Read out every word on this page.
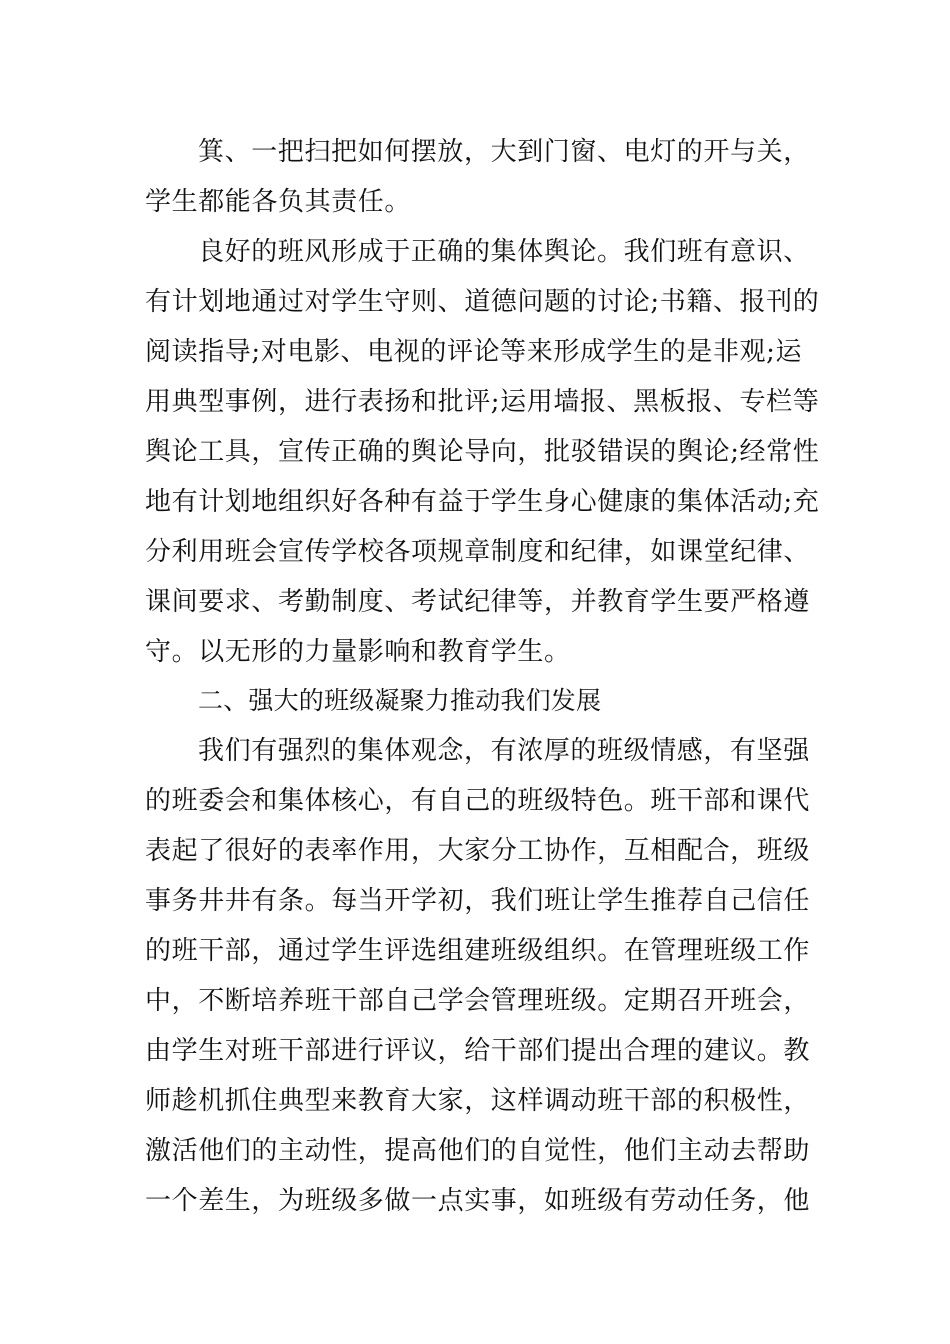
箕、一把扫把如何摆放，大到门窗、电灯的开与关，
学生都能各负其责任。
良好的班风形成于正确的集体舆论。我们班有意识、
有计划地通过对学生守则、道德问题的讨论;书籍、报刊的
阅读指导;对电影、电视的评论等来形成学生的是非观;运
用典型事例，进行表扬和批评;运用墙报、黑板报、专栏等
舆论工具，宣传正确的舆论导向，批驳错误的舆论;经常性
地有计划地组织好各种有益于学生身心健康的集体活动;充
分利用班会宣传学校各项规章制度和纪律，如课堂纪律、
课间要求、考勤制度、考试纪律等，并教育学生要严格遵
守。以无形的力量影响和教育学生。
二、强大的班级凝聚力推动我们发展
我们有强烈的集体观念，有浓厚的班级情感，有坚强
的班委会和集体核心，有自己的班级特色。班干部和课代
表起了很好的表率作用，大家分工协作，互相配合，班级
事务井井有条。每当开学初，我们班让学生推荐自己信任
的班干部，通过学生评选组建班级组织。在管理班级工作
中，不断培养班干部自己学会管理班级。定期召开班会，
由学生对班干部进行评议，给干部们提出合理的建议。教
师趁机抓住典型来教育大家，这样调动班干部的积极性，
激活他们的主动性，提高他们的自觉性，他们主动去帮助
一个差生，为班级多做一点实事，如班级有劳动任务，他
